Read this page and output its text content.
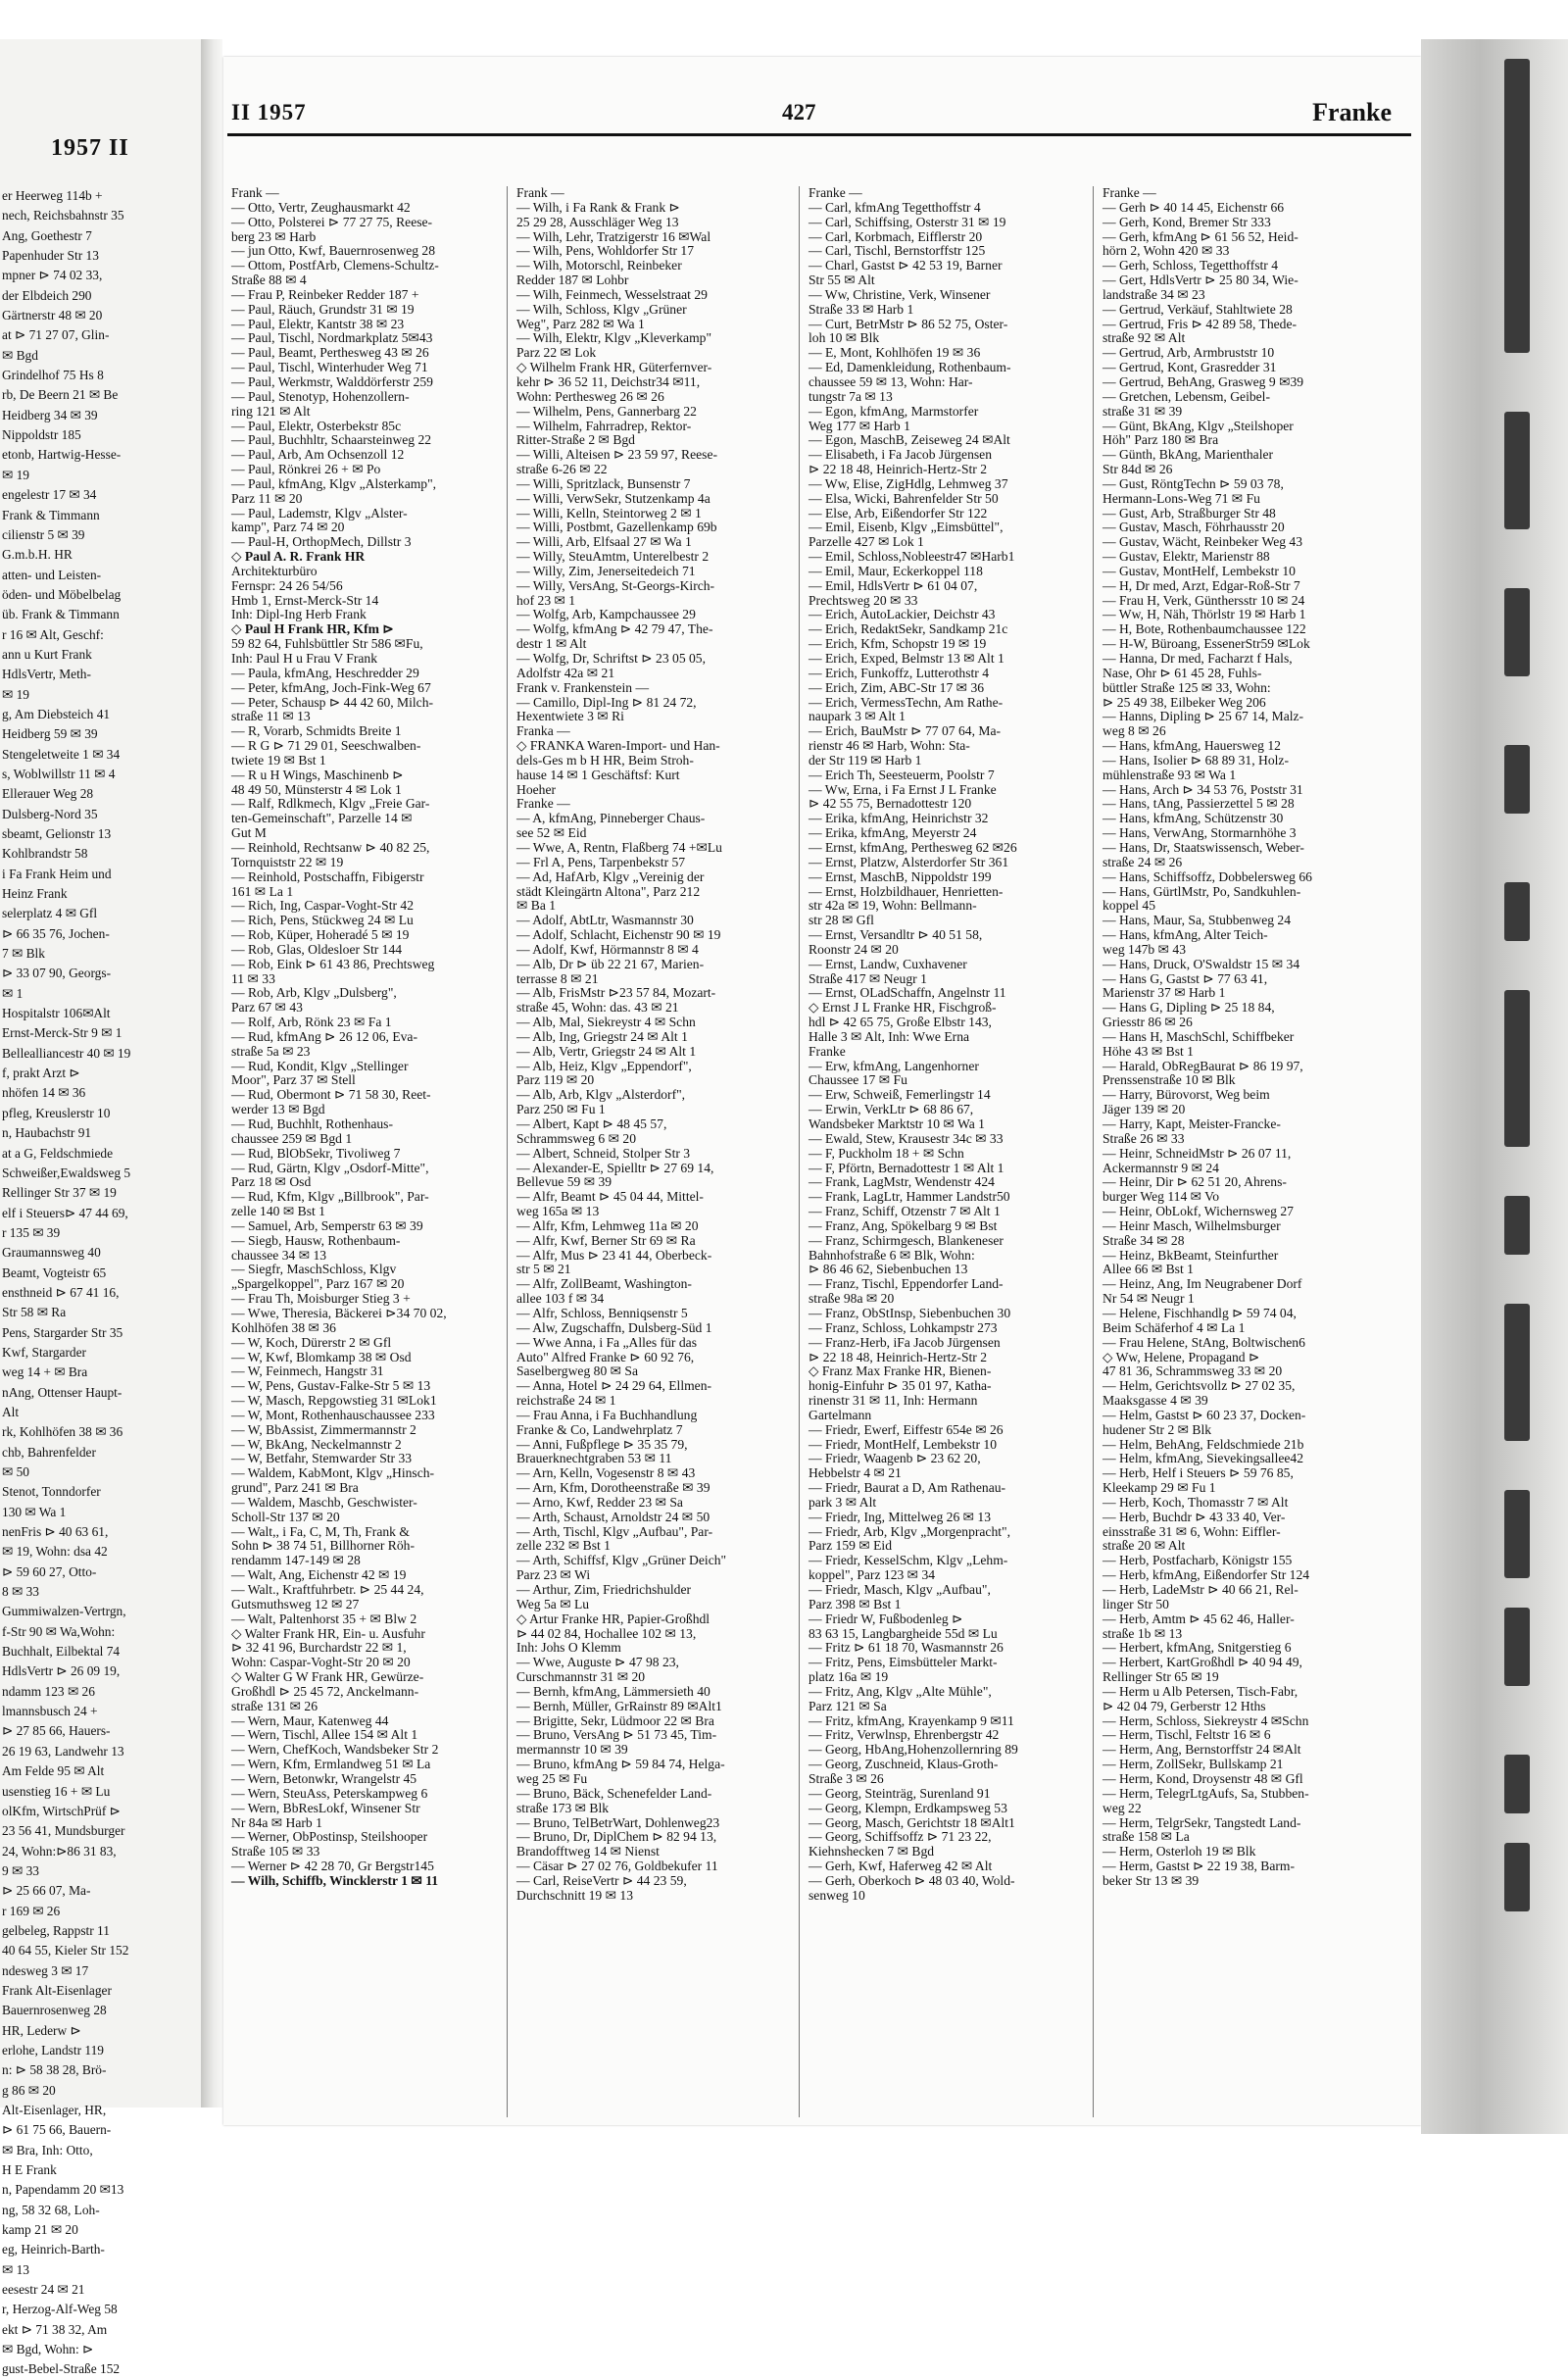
1957 II
er Heerweg 114b +
nech, Reichsbahnstr 35
Ang, Goethestr 7
Papenhuder Str 13
mpner ⊳ 74 02 33,
der Elbdeich 290
Gärtnerstr 48 ✉ 20
at ⊳ 71 27 07, Glin-
✉ Bgd
Grindelhof 75 Hs 8
rb, De Beern 21 ✉ Be
Heidberg 34 ✉ 39
Nippoldstr 185
etonb, Hartwig-Hesse-
✉ 19
engelestr 17 ✉ 34
Frank & Timmann
cilienstr 5 ✉ 39
G.m.b.H. HR
atten- und Leisten-
öden- und Möbelbelag
üb. Frank & Timmann
r 16 ✉ Alt, Geschf:
ann u Kurt Frank
HdlsVertr, Meth-
✉ 19
g, Am Diebsteich 41
Heidberg 59 ✉ 39
Stengeletweite 1 ✉ 34
s, Woblwillstr 11 ✉ 4
Ellerauer Weg 28
Dulsberg-Nord 35
sbeamt, Gelionstr 13
Kohlbrandstr 58
i Fa Frank Heim und
Heinz Frank
selerplatz 4 ✉ Gfl
⊳ 66 35 76, Jochen-
7 ✉ Blk
⊳ 33 07 90, Georgs-
✉ 1
Hospitalstr 106✉Alt
Ernst-Merck-Str 9 ✉ 1
Bellealliancestr 40 ✉ 19
f, prakt Arzt ⊳
nhöfen 14 ✉ 36
pfleg, Kreuslerstr 10
n, Haubachstr 91
at a G, Feldschmiede
Schweißer,Ewaldsweg 5
Rellinger Str 37 ✉ 19
elf i Steuers⊳ 47 44 69,
r 135 ✉ 39
Graumannsweg 40
Beamt, Vogteistr 65
ensthneid ⊳ 67 41 16,
Str 58 ✉ Ra
Pens, Stargarder Str 35
Kwf, Stargarder
weg 14 + ✉ Bra
nAng, Ottenser Haupt-
Alt
rk, Kohlhöfen 38 ✉ 36
chb, Bahrenfelder
✉ 50
Stenot, Tonndorfer
130 ✉ Wa 1
nenFris ⊳ 40 63 61,
✉ 19, Wohn: dsa 42
⊳ 59 60 27, Otto-
8 ✉ 33
Gummiwalzen-Vertrgn,
f-Str 90 ✉ Wa,Wohn:
Buchhalt, Eilbektal 74
HdlsVertr ⊳ 26 09 19,
ndamm 123 ✉ 26
lmannsbusch 24 +
⊳ 27 85 66, Hauers-
26 19 63, Landwehr 13
Am Felde 95 ✉ Alt
usenstieg 16 + ✉ Lu
olKfm, WirtschPrüf ⊳
23 56 41, Mundsburger
24, Wohn:⊳86 31 83,
9 ✉ 33
⊳ 25 66 07, Ma-
r 169 ✉ 26
gelbeleg, Rappstr 11
40 64 55, Kieler Str 152
ndesweg 3 ✉ 17
Frank Alt-Eisenlager
Bauernrosenweg 28
HR, Lederw ⊳
erlohe, Landstr 119
n: ⊳ 58 38 28, Brö-
g 86 ✉ 20
Alt-Eisenlager, HR,
⊳ 61 75 66, Bauern-
✉ Bra, Inh: Otto,
H E Frank
n, Papendamm 20 ✉13
ng, 58 32 68, Loh-
kamp 21 ✉ 20
eg, Heinrich-Barth-
✉ 13
eesestr 24 ✉ 21
r, Herzog-Alf-Weg 58
ekt ⊳ 71 38 32, Am
✉ Bgd, Wohn: ⊳
gust-Bebel-Straße 152
II 1957	427	Franke
Frank —
— Otto, Vertr, Zeughausmarkt 42
— Otto, Polsterei ⊳ 77 27 75, Reese-
berg 23 ✉ Harb
— jun Otto, Kwf, Bauernrosenweg 28
— Ottom, PostfArb, Clemens-Schultz-
Straße 88 ✉ 4
— Frau P, Reinbeker Redder 187 +
— Paul, Räuch, Grundstr 31 ✉ 19
— Paul, Elektr, Kantstr 38 ✉ 23
— Paul, Tischl, Nordmarkplatz 5✉43
— Paul, Beamt, Perthesweg 43 ✉ 26
— Paul, Tischl, Winterhuder Weg 71
— Paul, Werkmstr, Walddörferstr 259
— Paul, Stenotyp, Hohenzollern-
ring 121 ✉ Alt
— Paul, Elektr, Osterbekstr 85c
— Paul, Buchhltr, Schaarsteinweg 22
— Paul, Arb, Am Ochsenzoll 12
— Paul, Rönkrei 26 + ✉ Po
— Paul, kfmAng, Klgv „Alsterkamp",
Parz 11 ✉ 20
— Paul, Lademstr, Klgv „Alster-
kamp", Parz 74 ✉ 20
— Paul-H, OrthopMech, Dillstr 3
◇ Paul A. R. Frank HR
Architekturbüro
Fernspr: 24 26 54/56
Hmb 1, Ernst-Merck-Str 14
Inh: Dipl-Ing Herb Frank
◇ Paul H Frank HR, Kfm ⊳
59 82 64, Fuhlsbüttler Str 586 ✉Fu,
Inh: Paul H u Frau V Frank
— Paula, kfmAng, Heschredder 29
— Peter, kfmAng, Joch-Fink-Weg 67
— Peter, Schausp ⊳ 44 42 60, Milch-
straße 11 ✉ 13
— R, Vorarb, Schmidts Breite 1
— R G ⊳ 71 29 01, Seeschwalben-
twiete 19 ✉ Bst 1
— R u H Wings, Maschinenb ⊳
48 49 50, Münsterstr 4 ✉ Lok 1
— Ralf, Rdlkmech, Klgv „Freie Gar-
ten-Gemeinschaft", Parzelle 14 ✉
Gut M
— Reinhold, Rechtsanw ⊳ 40 82 25,
Tornquiststr 22 ✉ 19
— Reinhold, Postschaffn, Fibigerstr
161 ✉ La 1
— Rich, Ing, Caspar-Voght-Str 42
— Rich, Pens, Stückweg 24 ✉ Lu
— Rob, Küper, Hoheradé 5 ✉ 19
— Rob, Glas, Oldesloer Str 144
— Rob, Eink ⊳ 61 43 86, Prechtsweg
11 ✉ 33
— Rob, Arb, Klgv „Dulsberg",
Parz 67 ✉ 43
— Rolf, Arb, Rönk 23 ✉ Fa 1
— Rud, kfmAng ⊳ 26 12 06, Eva-
straße 5a ✉ 23
— Rud, Kondit, Klgv „Stellinger
Moor", Parz 37 ✉ Stell
— Rud, Obermont ⊳ 71 58 30, Reet-
werder 13 ✉ Bgd
— Rud, Buchhlt, Rothenhaus-
chaussee 259 ✉ Bgd 1
— Rud, BlObSekr, Tivoliweg 7
— Rud, Gärtn, Klgv „Osdorf-Mitte",
Parz 18 ✉ Osd
— Rud, Kfm, Klgv „Billbrook", Par-
zelle 140 ✉ Bst 1
— Samuel, Arb, Semperstr 63 ✉ 39
— Siegb, Hausw, Rothenbaum-
chaussee 34 ✉ 13
— Siegfr, MaschSchloss, Klgv
„Spargelkoppel", Parz 167 ✉ 20
— Frau Th, Moisburger Stieg 3 +
— Wwe, Theresia, Bäckerei ⊳34 70 02,
Kohlhöfen 38 ✉ 36
— W, Koch, Dürerstr 2 ✉ Gfl
— W, Kwf, Blomkamp 38 ✉ Osd
— W, Feinmech, Hangstr 31
— W, Pens, Gustav-Falke-Str 5 ✉ 13
— W, Masch, Repgowstieg 31 ✉Lok1
— W, Mont, Rothenhauschaussee 233
— W, BbAssist, Zimmermannstr 2
— W, BkAng, Neckelmannstr 2
— W, Betfahr, Stemwarder Str 33
— Waldem, KabMont, Klgv „Hinsch-
grund", Parz 241 ✉ Bra
— Waldem, Maschb, Geschwister-
Scholl-Str 137 ✉ 20
— Walt,, i Fa, C, M, Th, Frank &
Sohn ⊳ 38 74 51, Billhorner Röh-
rendamm 147-149 ✉ 28
— Walt, Ang, Eichenstr 42 ✉ 19
— Walt., Kraftfuhrbetr. ⊳ 25 44 24,
Gutsmuthsweg 12 ✉ 27
— Walt, Paltenhorst 35 + ✉ Blw 2
◇ Walter Frank HR, Ein- u. Ausfuhr
⊳ 32 41 96, Burchardstr 22 ✉ 1,
Wohn: Caspar-Voght-Str 20 ✉ 20
◇ Walter G W Frank HR, Gewürze-
Großhdl ⊳ 25 45 72, Anckelmann-
straße 131 ✉ 26
— Wern, Maur, Katenweg 44
— Wern, Tischl, Allee 154 ✉ Alt 1
— Wern, ChefKoch, Wandsbeker Str 2
— Wern, Kfm, Ermlandweg 51 ✉ La
— Wern, Betonwkr, Wrangelstr 45
— Wern, SteuAss, Peterskampweg 6
— Wern, BbResLokf, Winsener Str
Nr 84a ✉ Harb 1
— Werner, ObPostinsp, Steilshooper
Straße 105 ✉ 33
— Werner ⊳ 42 28 70, Gr Bergstr145
— Wilh, Schiffb, Wincklerstr 1 ✉ 11
Frank —
— Wilh, i Fa Rank & Frank ⊳
25 29 28, Ausschläger Weg 13
— Wilh, Lehr, Tratzigerstr 16 ✉Wal
— Wilh, Pens, Wohldorfer Str 17
— Wilh, Motorschl, Reinbeker
Redder 187 ✉ Lohbr
— Wilh, Feinmech, Wesselstraat 29
— Wilh, Schloss, Klgv „Grüner
Weg", Parz 282 ✉ Wa 1
— Wilh, Elektr, Klgv „Kleverkamp"
Parz 22 ✉ Lok
◇ Wilhelm Frank HR, Güterfernver-
kehr ⊳ 36 52 11, Deichstr34 ✉11,
Wohn: Perthesweg 26 ✉ 26
— Wilhelm, Pens, Gannerbarg 22
— Wilhelm, Fahrradrep, Rektor-
Ritter-Straße 2 ✉ Bgd
— Willi, Alteisen ⊳ 23 59 97, Reese-
straße 6-26 ✉ 22
— Willi, Spritzlack, Bunsenstr 7
— Willi, VerwSekr, Stutzenkamp 4a
— Willi, Kelln, Steintorweg 2 ✉ 1
— Willi, Postbmt, Gazellenkamp 69b
— Willi, Arb, Elfsaal 27 ✉ Wa 1
— Willy, SteuAmtm, Unterelbestr 2
— Willy, Zim, Jenerseitedeich 71
— Willy, VersAng, St-Georgs-Kirch-
hof 23 ✉ 1
— Wolfg, Arb, Kampchaussee 29
— Wolfg, kfmAng ⊳ 42 79 47, The-
destr 1 ✉ Alt
— Wolfg, Dr, Schriftst ⊳ 23 05 05,
Adolfstr 42a ✉ 21
Frank v. Frankenstein —
— Camillo, Dipl-Ing ⊳ 81 24 72,
Hexentwiete 3 ✉ Ri
Franka —
◇ FRANKA Waren-Import- und Han-
dels-Ges m b H HR, Beim Stroh-
hause 14 ✉ 1 Geschäftsf: Kurt
Hoeher
Franke —
— A, kfmAng, Pinneberger Chaus-
see 52 ✉ Eid
— Wwe, A, Rentn, Flaßberg 74 +✉Lu
— Frl A, Pens, Tarpenbekstr 57
— Ad, HafArb, Klgv „Vereinig der
städt Kleingärtn Altona", Parz 212
✉ Ba 1
— Adolf, AbtLtr, Wasmannstr 30
— Adolf, Schlacht, Eichenstr 90 ✉ 19
— Adolf, Kwf, Hörmannstr 8 ✉ 4
— Alb, Dr ⊳ üb 22 21 67, Marien-
terrasse 8 ✉ 21
— Alb, FrisMstr ⊳23 57 84, Mozart-
straße 45, Wohn: das. 43 ✉ 21
— Alb, Mal, Siekreystr 4 ✉ Schn
— Alb, Ing, Griegstr 24 ✉ Alt 1
— Alb, Vertr, Griegstr 24 ✉ Alt 1
— Alb, Heiz, Klgv „Eppendorf",
Parz 119 ✉ 20
— Alb, Arb, Klgv „Alsterdorf",
Parz 250 ✉ Fu 1
— Albert, Kapt ⊳ 48 45 57,
Schrammsweg 6 ✉ 20
— Albert, Schneid, Stolper Str 3
— Alexander-E, Spielltr ⊳ 27 69 14,
Bellevue 59 ✉ 39
— Alfr, Beamt ⊳ 45 04 44, Mittel-
weg 165a ✉ 13
— Alfr, Kfm, Lehmweg 11a ✉ 20
— Alfr, Kwf, Berner Str 69 ✉ Ra
— Alfr, Mus ⊳ 23 41 44, Oberbeck-
str 5 ✉ 21
— Alfr, ZollBeamt, Washington-
allee 103 f ✉ 34
— Alfr, Schloss, Benniqsenstr 5
— Alw, Zugschaffn, Dulsberg-Süd 1
— Wwe Anna, i Fa „Alles für das
Auto" Alfred Franke ⊳ 60 92 76,
Saselbergweg 80 ✉ Sa
— Anna, Hotel ⊳ 24 29 64, Ellmen-
reichstraße 24 ✉ 1
— Frau Anna, i Fa Buchhandlung
Franke & Co, Landwehrplatz 7
— Anni, Fußpflege ⊳ 35 35 79,
Brauerknechtgraben 53 ✉ 11
— Arn, Kelln, Vogesenstr 8 ✉ 43
— Arn, Kfm, Dorotheenstraße ✉ 39
— Arno, Kwf, Redder 23 ✉ Sa
— Arth, Schaust, Arnoldstr 24 ✉ 50
— Arth, Tischl, Klgv „Aufbau", Par-
zelle 232 ✉ Bst 1
— Arth, Schiffsf, Klgv „Grüner Deich"
Parz 23 ✉ Wi
— Arthur, Zim, Friedrichshulder
Weg 5a ✉ Lu
◇ Artur Franke HR, Papier-Großhdl
⊳ 44 02 84, Hochallee 102 ✉ 13,
Inh: Johs O Klemm
— Wwe, Auguste ⊳ 47 98 23,
Curschmannstr 31 ✉ 20
— Bernh, kfmAng, Lämmersieth 40
— Bernh, Müller, GrRainstr 89 ✉Alt1
— Brigitte, Sekr, Lüdmoor 22 ✉ Bra
— Bruno, VersAng ⊳ 51 73 45, Tim-
mermannstr 10 ✉ 39
— Bruno, kfmAng ⊳ 59 84 74, Helga-
weg 25 ✉ Fu
— Bruno, Bäck, Schenefelder Land-
straße 173 ✉ Blk
— Bruno, TelBetrWart, Dohlenweg23
— Bruno, Dr, DiplChem ⊳ 82 94 13,
Brandofftweg 14 ✉ Nienst
— Cäsar ⊳ 27 02 76, Goldbekufer 11
— Carl, ReiseVertr ⊳ 44 23 59,
Durchschnitt 19 ✉ 13
Franke —
— Carl, kfmAng Tegetthoffstr 4
— Carl, Schiffsing, Osterstr 31 ✉ 19
— Carl, Korbmach, Eifflerstr 20
— Carl, Tischl, Bernstorffstr 125
— Charl, Gastst ⊳ 42 53 19, Barner
Str 55 ✉ Alt
— Ww, Christine, Verk, Winsener
Straße 33 ✉ Harb 1
— Curt, BetrMstr ⊳ 86 52 75, Oster-
loh 10 ✉ Blk
— E, Mont, Kohlhöfen 19 ✉ 36
— Ed, Damenkleidung, Rothenbaum-
chaussee 59 ✉ 13, Wohn: Har-
tungstr 7a ✉ 13
— Egon, kfmAng, Marmstorfer
Weg 177 ✉ Harb 1
— Egon, MaschB, Zeiseweg 24 ✉Alt
— Elisabeth, i Fa Jacob Jürgensen
⊳ 22 18 48, Heinrich-Hertz-Str 2
— Ww, Elise, ZigHdlg, Lehmweg 37
— Elsa, Wicki, Bahrenfelder Str 50
— Else, Arb, Eißendorfer Str 122
— Emil, Eisenb, Klgv „Eimsbüttel",
Parzelle 427 ✉ Lok 1
— Emil, Schloss,Nobleestr47 ✉Harb1
— Emil, Maur, Eckerkoppel 118
— Emil, HdlsVertr ⊳ 61 04 07,
Prechtsweg 20 ✉ 33
— Erich, AutoLackier, Deichstr 43
— Erich, RedaktSekr, Sandkamp 21c
— Erich, Kfm, Schopstr 19 ✉ 19
— Erich, Exped, Belmstr 13 ✉ Alt 1
— Erich, Funkoffz, Lutterothstr 4
— Erich, Zim, ABC-Str 17 ✉ 36
— Erich, VermessTechn, Am Rathe-
naupark 3 ✉ Alt 1
— Erich, BauMstr ⊳ 77 07 64, Ma-
rienstr 46 ✉ Harb, Wohn: Sta-
der Str 119 ✉ Harb 1
— Erich Th, Seesteuerm, Poolstr 7
— Ww, Erna, i Fa Ernst J L Franke
⊳ 42 55 75, Bernadottestr 120
— Erika, kfmAng, Heinrichstr 32
— Erika, kfmAng, Meyerstr 24
— Ernst, kfmAng, Perthesweg 62 ✉26
— Ernst, Platzw, Alsterdorfer Str 361
— Ernst, MaschB, Nippoldstr 199
— Ernst, Holzbildhauer, Henrietten-
str 42a ✉ 19, Wohn: Bellmann-
str 28 ✉ Gfl
— Ernst, Versandltr ⊳ 40 51 58,
Roonstr 24 ✉ 20
— Ernst, Landw, Cuxhavener
Straße 417 ✉ Neugr 1
— Ernst, OLadSchaffn, Angelnstr 11
◇ Ernst J L Franke HR, Fischgroß-
hdl ⊳ 42 65 75, Große Elbstr 143,
Halle 3 ✉ Alt, Inh: Wwe Erna
Franke
— Erw, kfmAng, Langenhorner
Chaussee 17 ✉ Fu
— Erw, Schweiß, Femerlingstr 14
— Erwin, VerkLtr ⊳ 68 86 67,
Wandsbeker Marktstr 10 ✉ Wa 1
— Ewald, Stew, Krausestr 34c ✉ 33
— F, Puckholm 18 + ✉ Schn
— F, Pförtn, Bernadottestr 1 ✉ Alt 1
— Frank, LagMstr, Wendenstr 424
— Frank, LagLtr, Hammer Landstr50
— Franz, Schiff, Otzenstr 7 ✉ Alt 1
— Franz, Ang, Spökelbarg 9 ✉ Bst
— Franz, Schirmgesch, Blankeneser
Bahnhofstraße 6 ✉ Blk, Wohn:
⊳ 86 46 62, Siebenbuchen 13
— Franz, Tischl, Eppendorfer Land-
straße 98a ✉ 20
— Franz, ObStInsp, Siebenbuchen 30
— Franz, Schloss, Lohkampstr 273
— Franz-Herb, iFa Jacob Jürgensen
⊳ 22 18 48, Heinrich-Hertz-Str 2
◇ Franz Max Franke HR, Bienen-
honig-Einfuhr ⊳ 35 01 97, Katha-
rinenstr 31 ✉ 11, Inh: Hermann
Gartelmann
— Friedr, Ewerf, Eiffestr 654e ✉ 26
— Friedr, MontHelf, Lembekstr 10
— Friedr, Waagenb ⊳ 23 62 20,
Hebbelstr 4 ✉ 21
— Friedr, Baurat a D, Am Rathenau-
park 3 ✉ Alt
— Friedr, Ing, Mittelweg 26 ✉ 13
— Friedr, Arb, Klgv „Morgenpracht",
Parz 159 ✉ Eid
— Friedr, KesselSchm, Klgv „Lehm-
koppel", Parz 123 ✉ 34
— Friedr, Masch, Klgv „Aufbau",
Parz 398 ✉ Bst 1
— Friedr W, Fußbodenleg ⊳
83 63 15, Langbargheide 55d ✉ Lu
— Fritz ⊳ 61 18 70, Wasmannstr 26
— Fritz, Pens, Eimsbütteler Markt-
platz 16a ✉ 19
— Fritz, Ang, Klgv „Alte Mühle",
Parz 121 ✉ Sa
— Fritz, kfmAng, Krayenkamp 9 ✉11
— Fritz, Verwlnsp, Ehrenbergstr 42
— Georg, HbAng,Hohenzollernring 89
— Georg, Zuschneid, Klaus-Groth-
Straße 3 ✉ 26
— Georg, Steinträg, Surenland 91
— Georg, Klempn, Erdkampsweg 53
— Georg, Masch, Gerichtstr 18 ✉Alt1
— Georg, Schiffsoffz ⊳ 71 23 22,
Kiehnshecken 7 ✉ Bgd
— Gerh, Kwf, Haferweg 42 ✉ Alt
— Gerh, Oberkoch ⊳ 48 03 40, Wold-
senweg 10
Franke —
— Gerh ⊳ 40 14 45, Eichenstr 66
— Gerh, Kond, Bremer Str 333
— Gerh, kfmAng ⊳ 61 56 52, Heid-
hörn 2, Wohn 420 ✉ 33
— Gerh, Schloss, Tegetthoffstr 4
— Gert, HdlsVertr ⊳ 25 80 34, Wie-
landstraße 34 ✉ 23
— Gertrud, Verkäuf, Stahltwiete 28
— Gertrud, Fris ⊳ 42 89 58, Thede-
straße 92 ✉ Alt
— Gertrud, Arb, Armbruststr 10
— Gertrud, Kont, Grasredder 31
— Gertrud, BehAng, Grasweg 9 ✉39
— Gretchen, Lebensm, Geibel-
straße 31 ✉ 39
— Günt, BkAng, Klgv „Steilshoper
Höh" Parz 180 ✉ Bra
— Günth, BkAng, Marienthaler
Str 84d ✉ 26
— Gust, RöntgTechn ⊳ 59 03 78,
Hermann-Lons-Weg 71 ✉ Fu
— Gust, Arb, Straßburger Str 48
— Gustav, Masch, Föhrhausstr 20
— Gustav, Wächt, Reinbeker Weg 43
— Gustav, Elektr, Marienstr 88
— Gustav, MontHelf, Lembekstr 10
— H, Dr med, Arzt, Edgar-Roß-Str 7
— Frau H, Verk, Günthersstr 10 ✉ 24
— Ww, H, Näh, Thörlstr 19 ✉ Harb 1
— H, Bote, Rothenbaumchaussee 122
— H-W, Büroang, EssenerStr59 ✉Lok
— Hanna, Dr med, Facharzt f Hals,
Nase, Ohr ⊳ 61 45 28, Fuhls-
büttler Straße 125 ✉ 33, Wohn:
⊳ 25 49 38, Eilbeker Weg 206
— Hanns, Dipling ⊳ 25 67 14, Malz-
weg 8 ✉ 26
— Hans, kfmAng, Hauersweg 12
— Hans, Isolier ⊳ 68 89 31, Holz-
mühlenstraße 93 ✉ Wa 1
— Hans, Arch ⊳ 34 53 76, Poststr 31
— Hans, tAng, Passierzettel 5 ✉ 28
— Hans, kfmAng, Schützenstr 30
— Hans, VerwAng, Stormarnhöhe 3
— Hans, Dr, Staatswissensch, Weber-
straße 24 ✉ 26
— Hans, Schiffsoffz, Dobbelersweg 66
— Hans, GürtlMstr, Po, Sandkuhlen-
koppel 45
— Hans, Maur, Sa, Stubbenweg 24
— Hans, kfmAng, Alter Teich-
weg 147b ✉ 43
— Hans, Druck, O'Swaldstr 15 ✉ 34
— Hans G, Gastst ⊳ 77 63 41,
Marienstr 37 ✉ Harb 1
— Hans G, Dipling ⊳ 25 18 84,
Griesstr 86 ✉ 26
— Hans H, MaschSchl, Schiffbeker
Höhe 43 ✉ Bst 1
— Harald, ObRegBaurat ⊳ 86 19 97,
Prenssenstraße 10 ✉ Blk
— Harry, Bürovorst, Weg beim
Jäger 139 ✉ 20
— Harry, Kapt, Meister-Francke-
Straße 26 ✉ 33
— Heinr, SchneidMstr ⊳ 26 07 11,
Ackermannstr 9 ✉ 24
— Heinr, Dir ⊳ 62 51 20, Ahrens-
burger Weg 114 ✉ Vo
— Heinr, ObLokf, Wichernsweg 27
— Heinr Masch, Wilhelmsburger
Straße 34 ✉ 28
— Heinz, BkBeamt, Steinfurther
Allee 66 ✉ Bst 1
— Heinz, Ang, Im Neugrabener Dorf
Nr 54 ✉ Neugr 1
— Helene, Fischhandlg ⊳ 59 74 04,
Beim Schäferhof 4 ✉ La 1
— Frau Helene, StAng, Boltwischen6
◇ Ww, Helene, Propagand ⊳
47 81 36, Schrammsweg 33 ✉ 20
— Helm, Gerichtsvollz ⊳ 27 02 35,
Maaksgasse 4 ✉ 39
— Helm, Gastst ⊳ 60 23 37, Docken-
hudener Str 2 ✉ Blk
— Helm, BehAng, Feldschmiede 21b
— Helm, kfmAng, Sievekingsallee42
— Herb, Helf i Steuers ⊳ 59 76 85,
Kleekamp 29 ✉ Fu 1
— Herb, Koch, Thomasstr 7 ✉ Alt
— Herb, Buchdr ⊳ 43 33 40, Ver-
einsstraße 31 ✉ 6, Wohn: Eiffler-
straße 20 ✉ Alt
— Herb, Postfacharb, Königstr 155
— Herb, kfmAng, Eißendorfer Str 124
— Herb, LadeMstr ⊳ 40 66 21, Rel-
linger Str 50
— Herb, Amtm ⊳ 45 62 46, Haller-
straße 1b ✉ 13
— Herbert, kfmAng, Snitgerstieg 6
— Herbert, KartGroßhdl ⊳ 40 94 49,
Rellinger Str 65 ✉ 19
— Herm u Alb Petersen, Tisch-Fabr,
⊳ 42 04 79, Gerberstr 12 Hths
— Herm, Schloss, Siekreystr 4 ✉Schn
— Herm, Tischl, Feltstr 16 ✉ 6
— Herm, Ang, Bernstorffstr 24 ✉Alt
— Herm, ZollSekr, Bullskamp 21
— Herm, Kond, Droysenstr 48 ✉ Gfl
— Herm, TelegrLtgAufs, Sa, Stubben-
weg 22
— Herm, TelgrSekr, Tangstedt Land-
straße 158 ✉ La
— Herm, Osterloh 19 ✉ Blk
— Herm, Gastst ⊳ 22 19 38, Barm-
beker Str 13 ✉ 39
